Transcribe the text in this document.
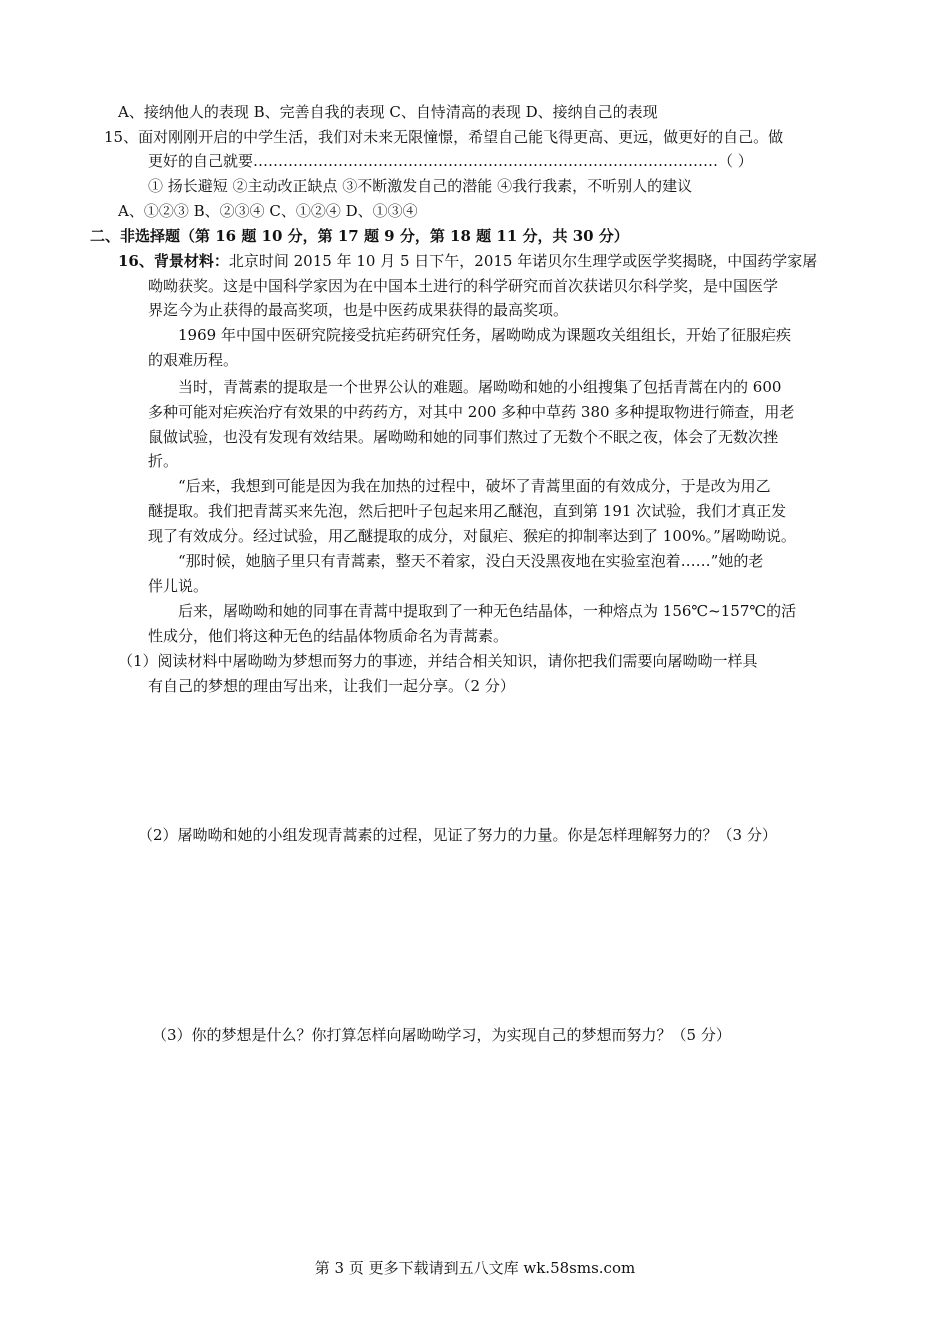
A、接纳他人的表现 B、完善自我的表现 C、自恃清高的表现 D、接纳自己的表现
15、面对刚刚开启的中学生活，我们对未来无限憧憬，希望自己能飞得更高、更远，做更好的自己。做
更好的自己就要…………………………………………………………………………………（ ）
① 扬长避短 ②主动改正缺点 ③不断激发自己的潜能 ④我行我素，不听别人的建议
A、①②③ B、②③④ C、①②④ D、①③④
二、非选择题（第 16 题 10 分，第 17 题 9 分，第 18 题 11 分，共 30 分）
16、背景材料：北京时间 2015 年 10 月 5 日下午，2015 年诺贝尔生理学或医学奖揭晓，中国药学家屠
呦呦获奖。这是中国科学家因为在中国本土进行的科学研究而首次获诺贝尔科学奖，是中国医学
界迄今为止获得的最高奖项，也是中医药成果获得的最高奖项。
1969 年中国中医研究院接受抗疟药研究任务，屠呦呦成为课题攻关组组长，开始了征服疟疾
的艰难历程。
当时，青蒿素的提取是一个世界公认的难题。屠呦呦和她的小组搜集了包括青蒿在内的 600
多种可能对疟疾治疗有效果的中药药方，对其中 200 多种中草药 380 多种提取物进行筛查，用老
鼠做试验，也没有发现有效结果。屠呦呦和她的同事们熬过了无数个不眠之夜，体会了无数次挫
折。
“后来，我想到可能是因为我在加热的过程中，破坏了青蒿里面的有效成分，于是改为用乙
醚提取。我们把青蒿买来先泡，然后把叶子包起来用乙醚泡，直到第 191 次试验，我们才真正发
现了有效成分。经过试验，用乙醚提取的成分，对鼠疟、猴疟的抑制率达到了 100%。”屠呦呦说。
“那时候，她脑子里只有青蒿素，整天不着家，没白天没黑夜地在实验室泡着……”她的老
伴儿说。
后来，屠呦呦和她的同事在青蒿中提取到了一种无色结晶体，一种熔点为 156℃~157℃的活
性成分，他们将这种无色的结晶体物质命名为青蒿素。
（1）阅读材料中屠呦呦为梦想而努力的事迹，并结合相关知识，请你把我们需要向屠呦呦一样具
有自己的梦想的理由写出来，让我们一起分享。（2 分）
（2）屠呦呦和她的小组发现青蒿素的过程，见证了努力的力量。你是怎样理解努力的？（3 分）
（3）你的梦想是什么？你打算怎样向屠呦呦学习，为实现自己的梦想而努力？（5 分）
第 3 页 更多下载请到五八文库 wk.58sms.com
